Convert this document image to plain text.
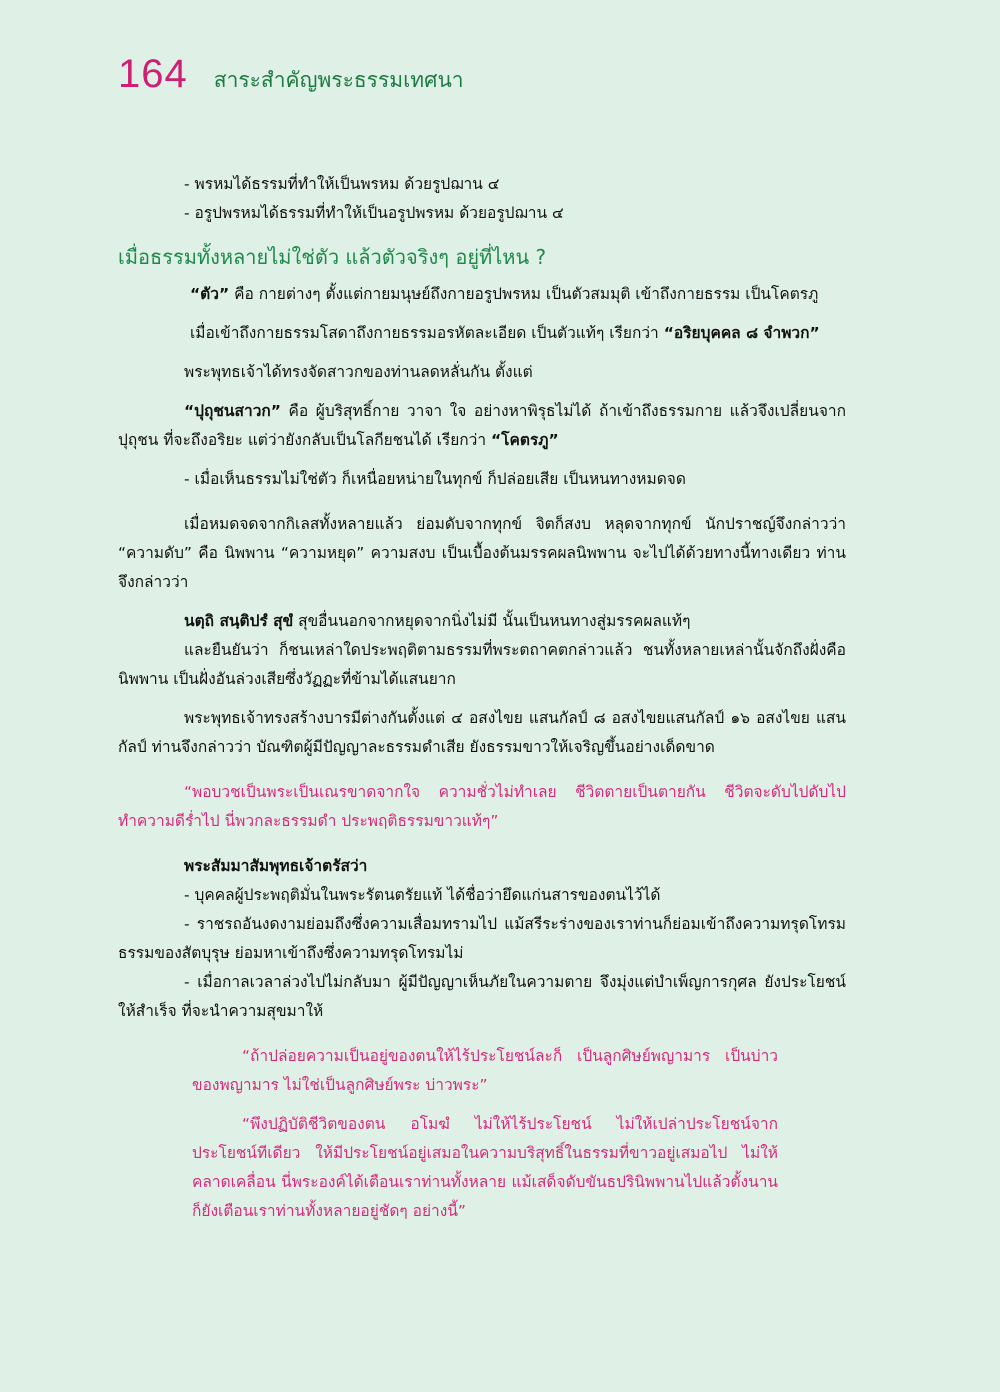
164 สาระสำคัญพระธรรมเทศนา

- พรหมได้ธรรมที่ทำให้เป็นพรหม ด้วยรูปฌาน ๔

- อรูปพรหมได้ธรรมที่ทำให้เป็นอรูปพรหม ด้วยอรูปฌาน ๔

เมื่อธรรมทั้งหลายไม่ใช่ตัว แล้วตัวจริงๆ อยู่ที่ไหน ?

“ตัว” คือ กายต่างๆ ตั้งแต่กายมนุษย์ถึงกายอรูปพรหม เป็นตัวสมมุติ เข้าถึงกายธรรม เป็นโคตรภู

เมื่อเข้าถึงกายธรรมโสดาถึงกายธรรมอรหัตละเอียด เป็นตัวแท้ๆ เรียกว่า “อริยบุคคล ๘ จำพวก”

พระพุทธเจ้าได้ทรงจัดสาวกของท่านลดหลั่นกัน ตั้งแต่

“ปุถุชนสาวก” คือ ผู้บริสุทธิ์กาย วาจา ใจ อย่างหาพิรุธไม่ได้ ถ้าเข้าถึงธรรมกาย แล้วจึงเปลี่ยนจากปุถุชน ที่จะถึงอริยะ แต่ว่ายังกลับเป็นโลกียชนได้ เรียกว่า “โคตรภู”

- เมื่อเห็นธรรมไม่ใช่ตัว ก็เหนื่อยหน่ายในทุกข์ ก็ปล่อยเสีย เป็นหนทางหมดจด

เมื่อหมดจดจากกิเลสทั้งหลายแล้ว ย่อมดับจากทุกข์ จิตก็สงบ หลุดจากทุกข์ นักปราชญ์จึงกล่าวว่า “ความดับ” คือ นิพพาน “ความหยุด” ความสงบ เป็นเบื้องต้นมรรคผลนิพพาน จะไปได้ด้วยทางนี้ทางเดียว ท่านจึงกล่าวว่า

นตฺถิ สนฺติปรํ สุขํ สุขอื่นนอกจากหยุดจากนิ่งไม่มี นั้นเป็นหนทางสู่มรรคผลแท้ๆ

และยืนยันว่า ก็ชนเหล่าใดประพฤติตามธรรมที่พระตถาคตกล่าวแล้ว ชนทั้งหลายเหล่านั้นจักถึงฝั่งคือนิพพาน เป็นฝั่งอันล่วงเสียซึ่งวัฏฏะที่ข้ามได้แสนยาก

พระพุทธเจ้าทรงสร้างบารมีต่างกันตั้งแต่ ๔ อสงไขย แสนกัลป์ ๘ อสงไขยแสนกัลป์ ๑๖ อสงไขย แสนกัลป์ ท่านจึงกล่าวว่า บัณฑิตผู้มีปัญญาละธรรมดำเสีย ยังธรรมขาวให้เจริญขึ้นอย่างเด็ดขาด

“พอบวชเป็นพระเป็นเณรขาดจากใจ ความชั่วไม่ทำเลย ชีวิตตายเป็นตายกัน ชีวิตจะดับไปดับไป ทำความดีร่ำไป นี่พวกละธรรมดำ ประพฤติธรรมขาวแท้ๆ”

พระสัมมาสัมพุทธเจ้าตรัสว่า

- บุคคลผู้ประพฤติมั่นในพระรัตนตรัยแท้ ได้ชื่อว่ายึดแก่นสารของตนไว้ได้

- ราชรถอันงดงามย่อมถึงซึ่งความเสื่อมทรามไป แม้สรีระร่างของเราท่านก็ย่อมเข้าถึงความทรุดโทรม ธรรมของสัตบุรุษ ย่อมหาเข้าถึงซึ่งความทรุดโทรมไม่

- เมื่อกาลเวลาล่วงไปไม่กลับมา ผู้มีปัญญาเห็นภัยในความตาย จึงมุ่งแต่บำเพ็ญการกุศล ยังประโยชน์ให้สำเร็จ ที่จะนำความสุขมาให้

“ถ้าปล่อยความเป็นอยู่ของตนให้ไร้ประโยชน์ละก็ เป็นลูกศิษย์พญามาร เป็นบ่าวของพญามาร ไม่ใช่เป็นลูกศิษย์พระ บ่าวพระ”

“พึงปฏิบัติชีวิตของตน อโมฆํ ไม่ให้ไร้ประโยชน์ ไม่ให้เปล่าประโยชน์จากประโยชน์ทีเดียว ให้มีประโยชน์อยู่เสมอในความบริสุทธิ์ในธรรมที่ขาวอยู่เสมอไป ไม่ให้คลาดเคลื่อน นี่พระองค์ได้เตือนเราท่านทั้งหลาย แม้เสด็จดับขันธปรินิพพานไปแล้วตั้งนาน ก็ยังเตือนเราท่านทั้งหลายอยู่ชัดๆ อย่างนี้”
